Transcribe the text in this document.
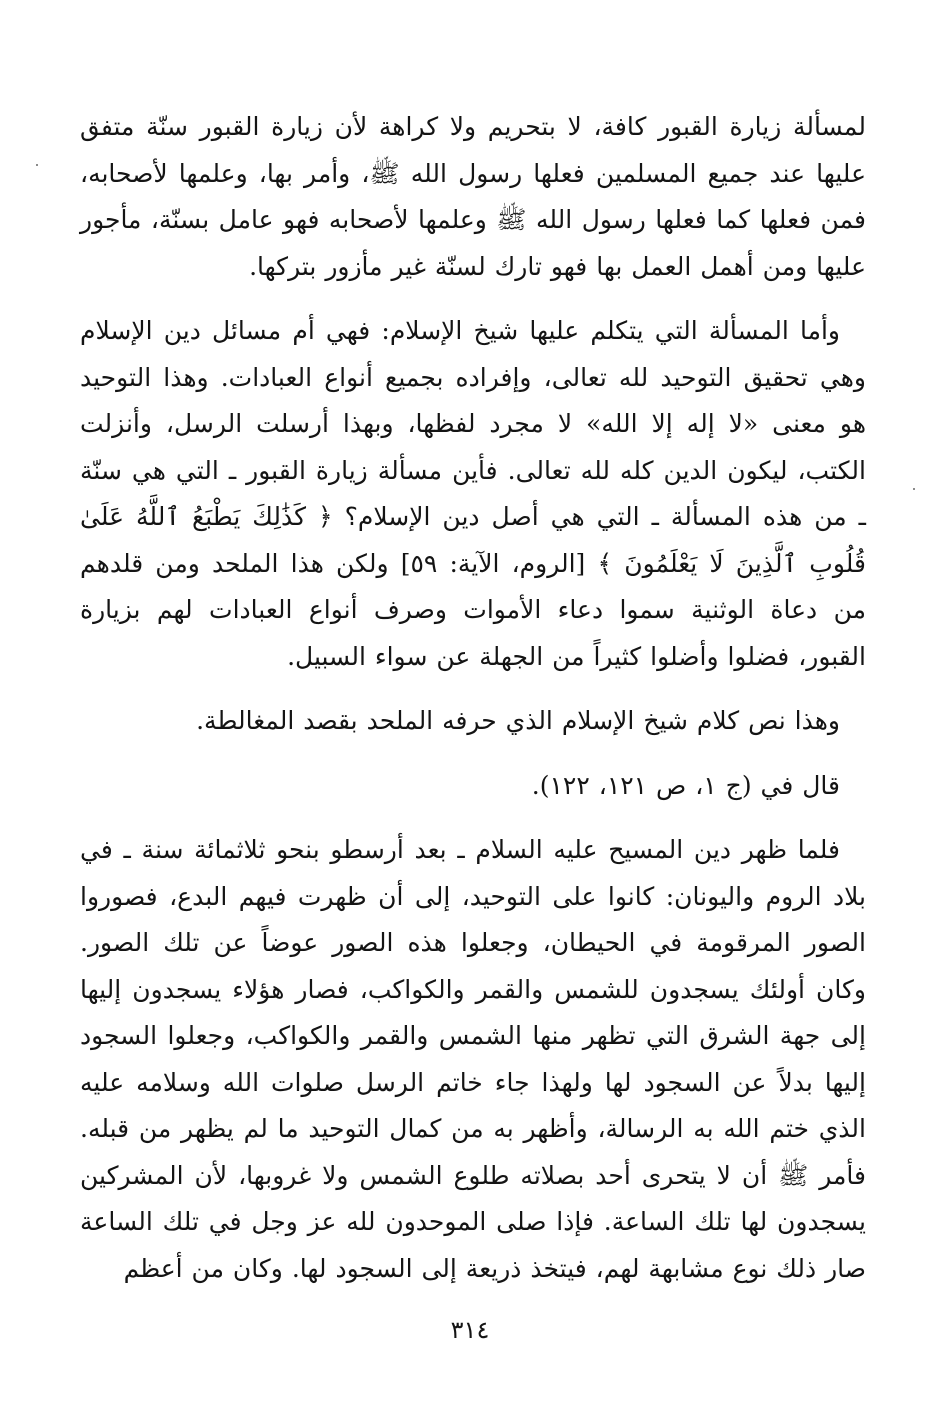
لمسألة زيارة القبور كافة، لا بتحريم ولا كراهة لأن زيارة القبور سنّة متفق عليها عند جميع المسلمين فعلها رسول الله ﷺ، وأمر بها، وعلمها لأصحابه، فمن فعلها كما فعلها رسول الله ﷺ وعلمها لأصحابه فهو عامل بسنّة، مأجور عليها ومن أهمل العمل بها فهو تارك لسنّة غير مأزور بتركها.

وأما المسألة التي يتكلم عليها شيخ الإسلام: فهي أم مسائل دين الإسلام وهي تحقيق التوحيد لله تعالى، وإفراده بجميع أنواع العبادات. وهذا التوحيد هو معنى «لا إله إلا الله» لا مجرد لفظها، وبهذا أرسلت الرسل، وأنزلت الكتب، ليكون الدين كله لله تعالى. فأين مسألة زيارة القبور ـ التي هي سنّة ـ من هذه المسألة ـ التي هي أصل دين الإسلام؟ ﴿ كَذَٰلِكَ يَطْبَعُ ٱللَّهُ عَلَىٰ قُلُوبِ ٱلَّذِينَ لَا يَعْلَمُونَ ﴾ [الروم، الآية: ٥٩] ولكن هذا الملحد ومن قلدهم من دعاة الوثنية سموا دعاء الأموات وصرف أنواع العبادات لهم بزيارة القبور، فضلوا وأضلوا كثيراً من الجهلة عن سواء السبيل.

وهذا نص كلام شيخ الإسلام الذي حرفه الملحد بقصد المغالطة.

قال في (ج ١، ص ١٢١، ١٢٢).

فلما ظهر دين المسيح عليه السلام ـ بعد أرسطو بنحو ثلاثمائة سنة ـ في بلاد الروم واليونان: كانوا على التوحيد، إلى أن ظهرت فيهم البدع، فصوروا الصور المرقومة في الحيطان، وجعلوا هذه الصور عوضاً عن تلك الصور. وكان أولئك يسجدون للشمس والقمر والكواكب، فصار هؤلاء يسجدون إليها إلى جهة الشرق التي تظهر منها الشمس والقمر والكواكب، وجعلوا السجود إليها بدلاً عن السجود لها ولهذا جاء خاتم الرسل صلوات الله وسلامه عليه الذي ختم الله به الرسالة، وأظهر به من كمال التوحيد ما لم يظهر من قبله. فأمر ﷺ أن لا يتحرى أحد بصلاته طلوع الشمس ولا غروبها، لأن المشركين يسجدون لها تلك الساعة. فإذا صلى الموحدون لله عز وجل في تلك الساعة صار ذلك نوع مشابهة لهم، فيتخذ ذريعة إلى السجود لها. وكان من أعظم

٣١٤
